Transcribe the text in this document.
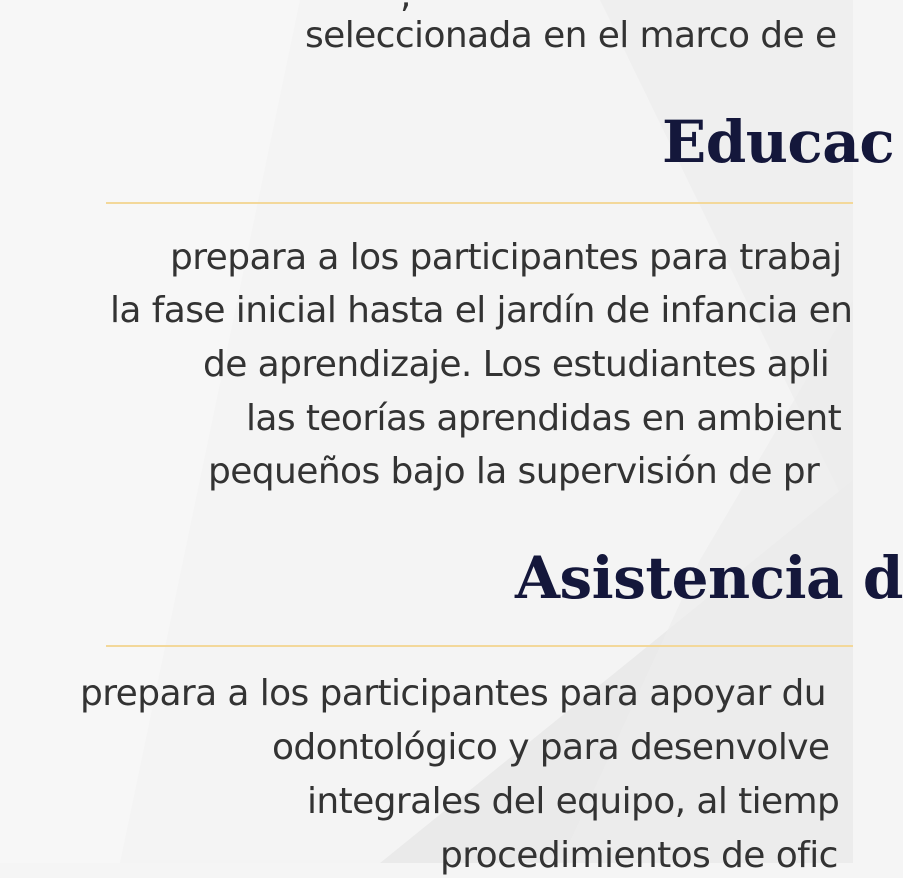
seleccionada en el marco de e
Educac
prepara a los participantes para trabaj
la fase inicial hasta el jardín de infancia en
de aprendizaje. Los estudiantes apli
las teorías aprendidas en ambient
pequeños bajo la supervisión de pr
Asistencia d
prepara a los participantes para apoyar du
odontológico y para desenvolve
integrales del equipo, al tiemp
procedimientos de ofic
